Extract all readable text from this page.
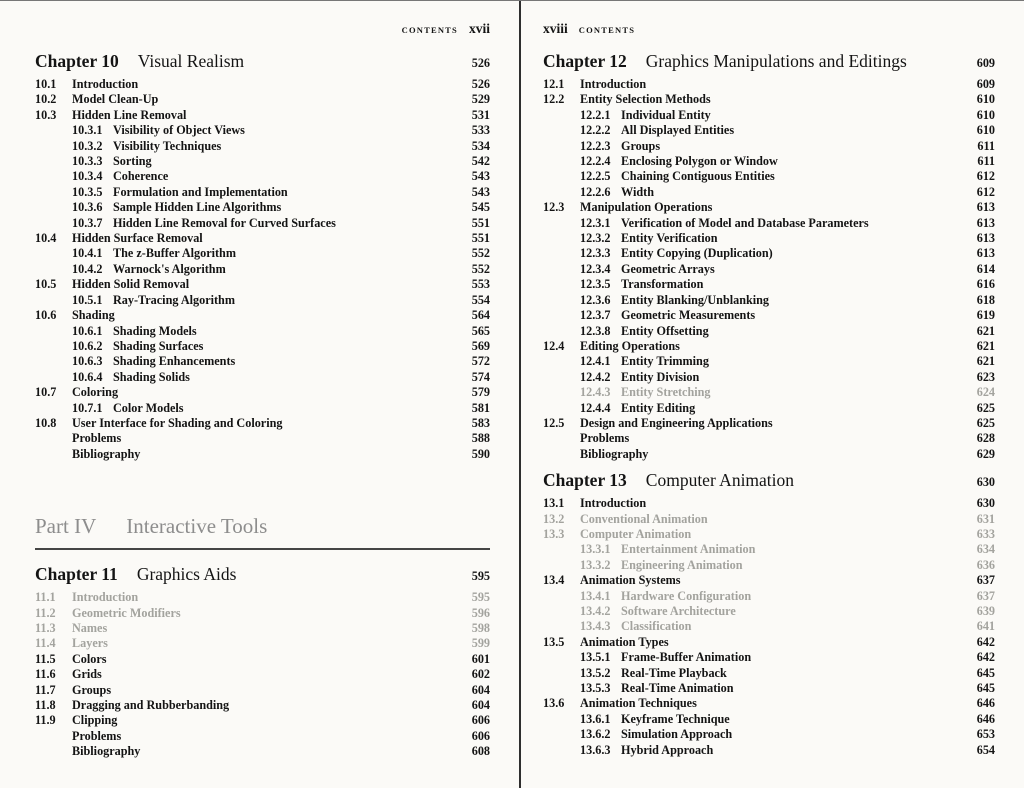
CONTENTS xvii
Chapter 10 Visual Realism	526
10.1	Introduction	526
10.2	Model Clean-Up	529
10.3	Hidden Line Removal	531
10.3.1 Visibility of Object Views	533
10.3.2 Visibility Techniques	534
10.3.3 Sorting	542
10.3.4 Coherence	543
10.3.5 Formulation and Implementation	543
10.3.6 Sample Hidden Line Algorithms	545
10.3.7 Hidden Line Removal for Curved Surfaces	551
10.4	Hidden Surface Removal	551
10.4.1 The z-Buffer Algorithm	552
10.4.2 Warnock's Algorithm	552
10.5	Hidden Solid Removal	553
10.5.1 Ray-Tracing Algorithm	554
10.6	Shading	564
10.6.1 Shading Models	565
10.6.2 Shading Surfaces	569
10.6.3 Shading Enhancements	572
10.6.4 Shading Solids	574
10.7	Coloring	579
10.7.1 Color Models	581
10.8	User Interface for Shading and Coloring	583
Problems	588
Bibliography	590
Part IV Interactive Tools
Chapter 11 Graphics Aids	595
11.1	Introduction	595
11.2	Geometric Modifiers	596
11.3	Names	598
11.4	Layers	599
11.5	Colors	601
11.6	Grids	602
11.7	Groups	604
11.8	Dragging and Rubberbanding	604
11.9	Clipping	606
Problems	606
Bibliography	608
xviii CONTENTS
Chapter 12 Graphics Manipulations and Editings	609
12.1	Introduction	609
12.2	Entity Selection Methods	610
12.2.1 Individual Entity	610
12.2.2 All Displayed Entities	610
12.2.3 Groups	611
12.2.4 Enclosing Polygon or Window	611
12.2.5 Chaining Contiguous Entities	612
12.2.6 Width	612
12.3	Manipulation Operations	613
12.3.1 Verification of Model and Database Parameters	613
12.3.2 Entity Verification	613
12.3.3 Entity Copying (Duplication)	613
12.3.4 Geometric Arrays	614
12.3.5 Transformation	616
12.3.6 Entity Blanking/Unblanking	618
12.3.7 Geometric Measurements	619
12.3.8 Entity Offsetting	621
12.4	Editing Operations	621
12.4.1 Entity Trimming	621
12.4.2 Entity Division	623
12.4.3 Entity Stretching	624
12.4.4 Entity Editing	625
12.5	Design and Engineering Applications	625
Problems	628
Bibliography	629
Chapter 13 Computer Animation	630
13.1	Introduction	630
13.2	Conventional Animation	631
13.3	Computer Animation	633
13.3.1 Entertainment Animation	634
13.3.2 Engineering Animation	636
13.4	Animation Systems	637
13.4.1 Hardware Configuration	637
13.4.2 Software Architecture	639
13.4.3 Classification	641
13.5	Animation Types	642
13.5.1 Frame-Buffer Animation	642
13.5.2 Real-Time Playback	645
13.5.3 Real-Time Animation	645
13.6	Animation Techniques	646
13.6.1 Keyframe Technique	646
13.6.2 Simulation Approach	653
13.6.3 Hybrid Approach	654
